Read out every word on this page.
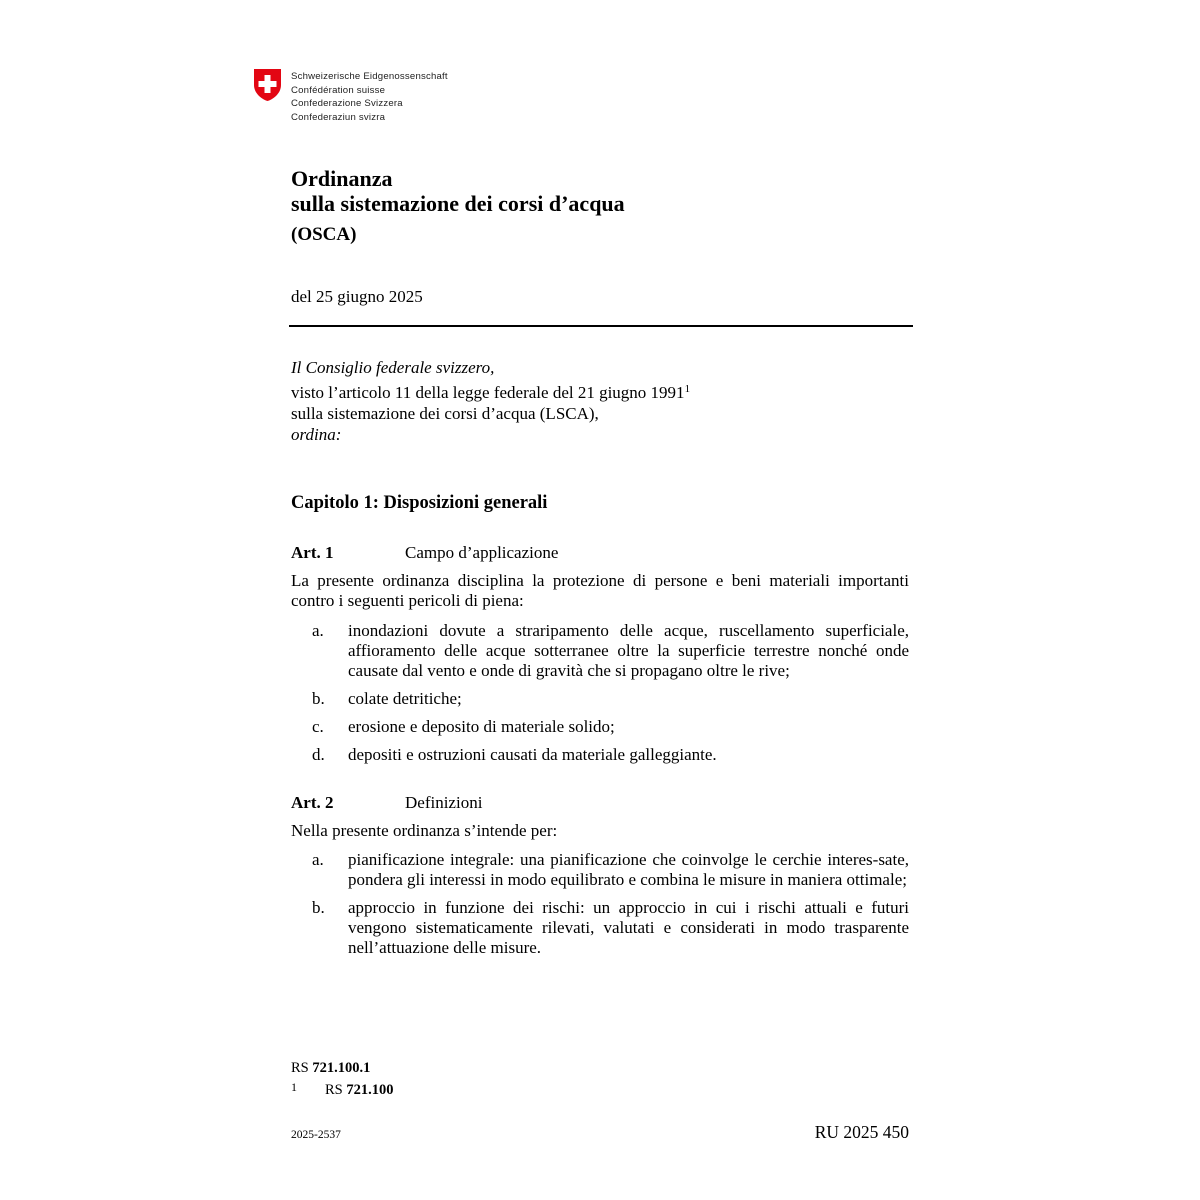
Schweizerische Eidgenossenschaft
Confédération suisse
Confederazione Svizzera
Confederaziun svizra
Ordinanza
sulla sistemazione dei corsi d’acqua
(OSCA)
del 25 giugno 2025
Il Consiglio federale svizzero,
visto l’articolo 11 della legge federale del 21 giugno 1991$^1$
sulla sistemazione dei corsi d’acqua (LSCA),
ordina:
Capitolo 1: Disposizioni generali
Art. 1	Campo d’applicazione
La presente ordinanza disciplina la protezione di persone e beni materiali importanti contro i seguenti pericoli di piena:
a. inondazioni dovute a straripamento delle acque, ruscellamento superficiale, affioramento delle acque sotterranee oltre la superficie terrestre nonché onde causate dal vento e onde di gravità che si propagano oltre le rive;
b. colate detritiche;
c. erosione e deposito di materiale solido;
d. depositi e ostruzioni causati da materiale galleggiante.
Art. 2	Definizioni
Nella presente ordinanza s’intende per:
a. pianificazione integrale: una pianificazione che coinvolge le cerchie interes-sate, pondera gli interessi in modo equilibrato e combina le misure in maniera ottimale;
b. approccio in funzione dei rischi: un approccio in cui i rischi attuali e futuri vengono sistematicamente rilevati, valutati e considerati in modo trasparente nell’attuazione delle misure.
RS 721.100.1
1 RS 721.100
2025-2537	RU 2025 450
